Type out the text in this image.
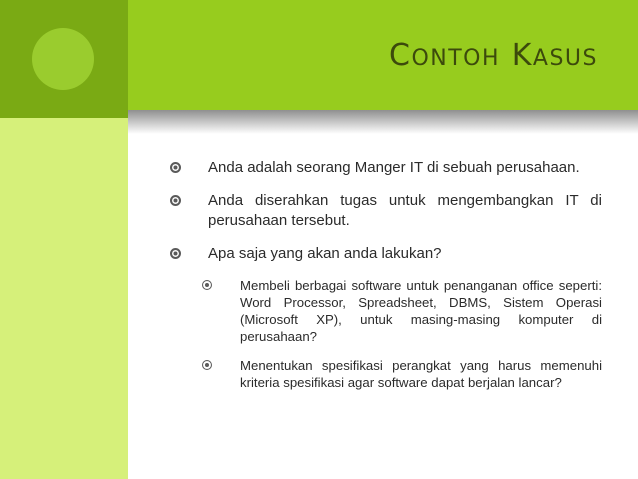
CONTOH KASUS
Anda adalah seorang Manger IT di sebuah perusahaan.
Anda diserahkan tugas untuk mengembangkan IT di perusahaan tersebut.
Apa saja yang akan anda lakukan?
Membeli berbagai software untuk penanganan office seperti: Word Processor, Spreadsheet, DBMS, Sistem Operasi (Microsoft XP), untuk masing-masing komputer di perusahaan?
Menentukan spesifikasi perangkat yang harus memenuhi kriteria spesifikasi agar software dapat berjalan lancar?
